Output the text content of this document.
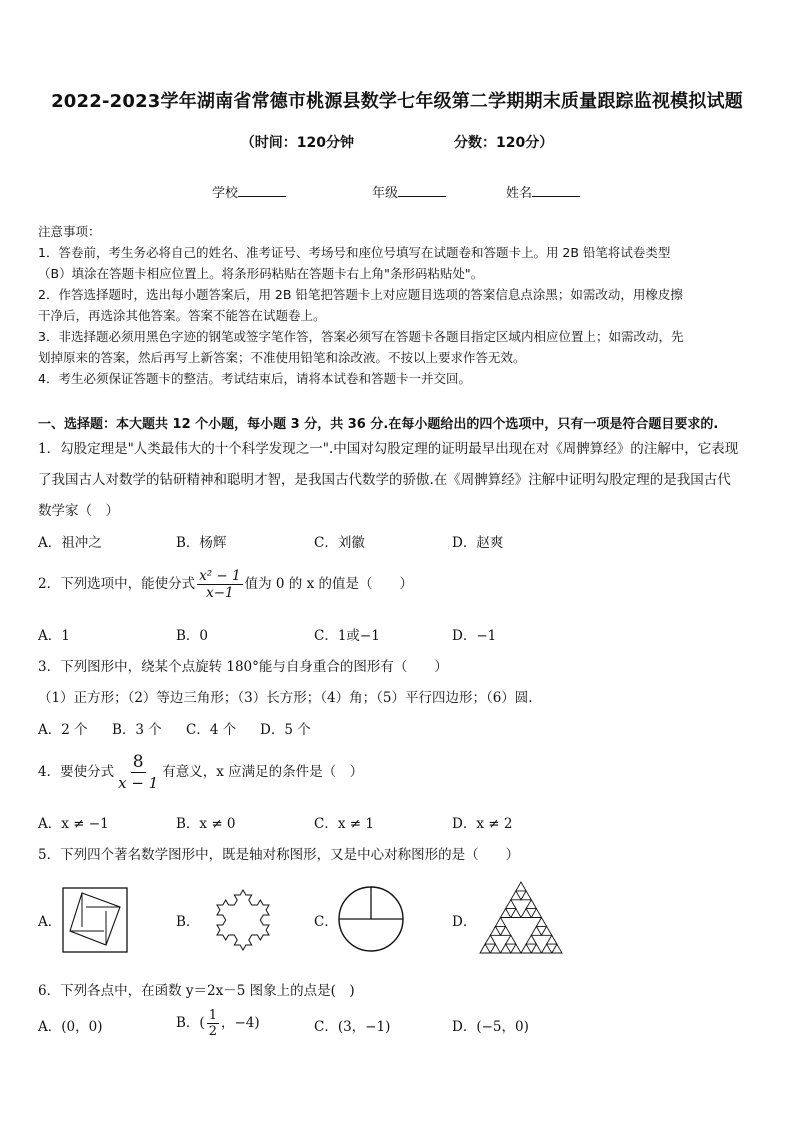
2022-2023学年湖南省常德市桃源县数学七年级第二学期期末质量跟踪监视模拟试题
（时间：120分钟	分数：120分）
学校	年级	姓名
注意事项：
1．答卷前，考生务必将自己的姓名、准考证号、考场号和座位号填写在试题卷和答题卡上。用 2B 铅笔将试卷类型
（B）填涂在答题卡相应位置上。将条形码粘贴在答题卡右上角"条形码粘贴处"。
2．作答选择题时，选出每小题答案后，用 2B 铅笔把答题卡上对应题目选项的答案信息点涂黑；如需改动，用橡皮擦
干净后，再选涂其他答案。答案不能答在试题卷上。
3．非选择题必须用黑色字迹的钢笔或签字笔作答，答案必须写在答题卡各题目指定区域内相应位置上；如需改动，先
划掉原来的答案，然后再写上新答案；不准使用铅笔和涂改液。不按以上要求作答无效。
4．考生必须保证答题卡的整洁。考试结束后，请将本试卷和答题卡一并交回。
一、选择题：本大题共 12 个小题，每小题 3 分，共 36 分.在每小题给出的四个选项中，只有一项是符合题目要求的.
1．勾股定理是"人类最伟大的十个科学发现之一".中国对勾股定理的证明最早出现在对《周髀算经》的注解中，它表现
了我国古人对数学的钻研精神和聪明才智，是我国古代数学的骄傲.在《周髀算经》注解中证明勾股定理的是我国古代
数学家（　）
A．祖冲之	B．杨辉	C．刘徽	D．赵爽
2．下列选项中，能使分式 $\frac{\text{x² − 1}}{x-1}$ 值为 0 的 x 的值是（　　）
A．1	B．0	C．1或−1	D．−1
3．下列图形中，绕某个点旋转 180°能与自身重合的图形有（　　）
（1）正方形；（2）等边三角形；（3）长方形；（4）角；（5）平行四边形；（6）圆.
A．2 个 B．3 个 C．4 个 D．5 个
4．要使分式 $\frac{8}{x - 1}$ 有意义，x 应满足的条件是（　）
A．x ≠ −1	B．x ≠ 0	C．x ≠ 1	D．x ≠ 2
5．下列四个著名数学图形中，既是轴对称图形，又是中心对称图形的是（　　）
A．	B．	C．	D．
6．下列各点中，在函数 y＝2x－5 图象上的点是(　)
A．(0，0)	B．( $\frac{1}{2}$ ，−4)	C．(3，−1)	D．(−5，0)
